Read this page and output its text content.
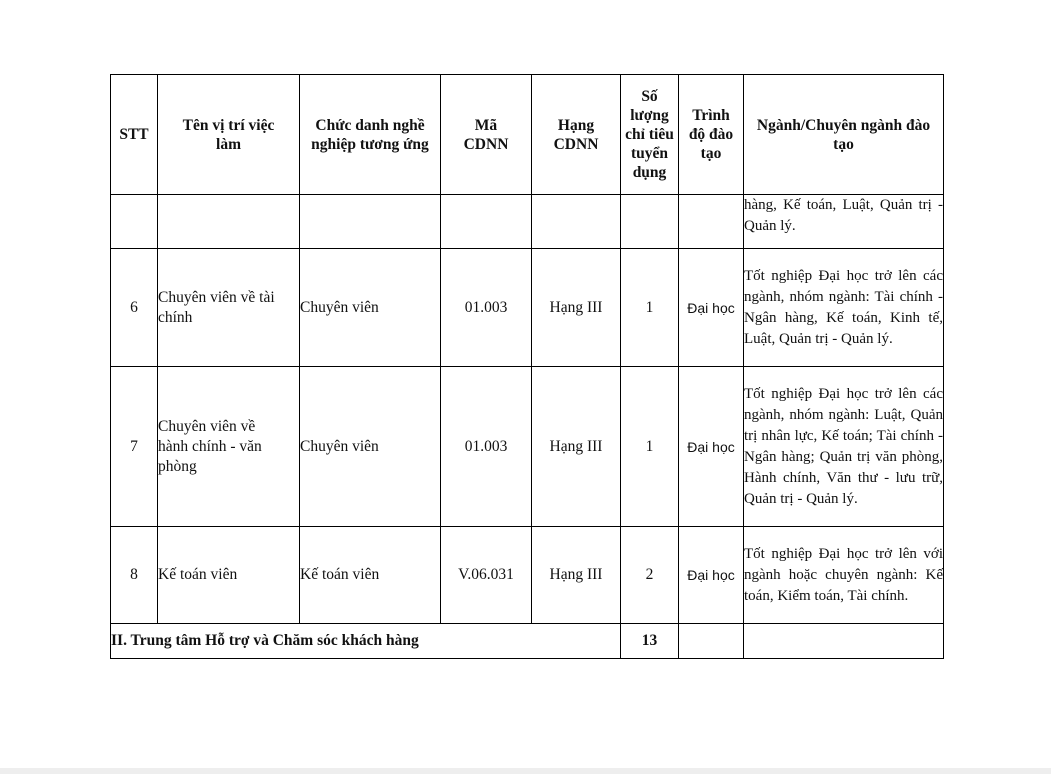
STT	Tên vị trí việc làm	Chức danh nghề nghiệp tương ứng	Mã CDNN	Hạng CDNN	Số lượng chỉ tiêu tuyển dụng	Trình độ đào tạo	Ngành/Chuyên ngành đào tạo

							hàng, Kế toán, Luật, Quản trị - Quản lý.
6	Chuyên viên về tài chính	Chuyên viên	01.003	Hạng III	1	Đại học	Tốt nghiệp Đại học trở lên các ngành, nhóm ngành: Tài chính - Ngân hàng, Kế toán, Kinh tế, Luật, Quản trị - Quản lý.
7	Chuyên viên về hành chính - văn phòng	Chuyên viên	01.003	Hạng III	1	Đại học	Tốt nghiệp Đại học trở lên các ngành, nhóm ngành: Luật, Quản trị nhân lực, Kế toán; Tài chính - Ngân hàng; Quản trị văn phòng, Hành chính, Văn thư - lưu trữ, Quản trị - Quản lý.
8	Kế toán viên	Kế toán viên	V.06.031	Hạng III	2	Đại học	Tốt nghiệp Đại học trở lên với ngành hoặc chuyên ngành: Kế toán, Kiểm toán, Tài chính.
II. Trung tâm Hỗ trợ và Chăm sóc khách hàng					13		
